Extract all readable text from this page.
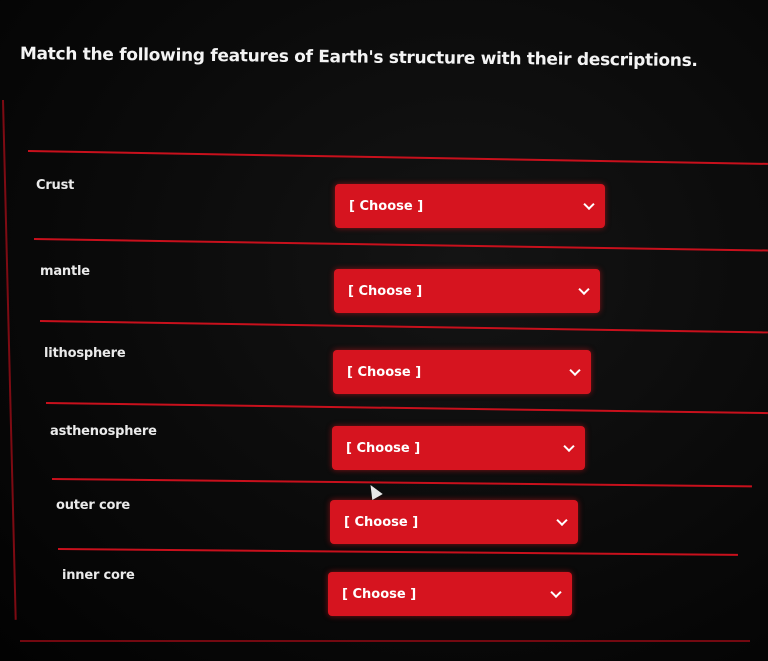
Match the following features of Earth's structure with their descriptions.
Crust
[ Choose ]
mantle
[ Choose ]
lithosphere
[ Choose ]
asthenosphere
[ Choose ]
outer core
[ Choose ]
inner core
[ Choose ]
